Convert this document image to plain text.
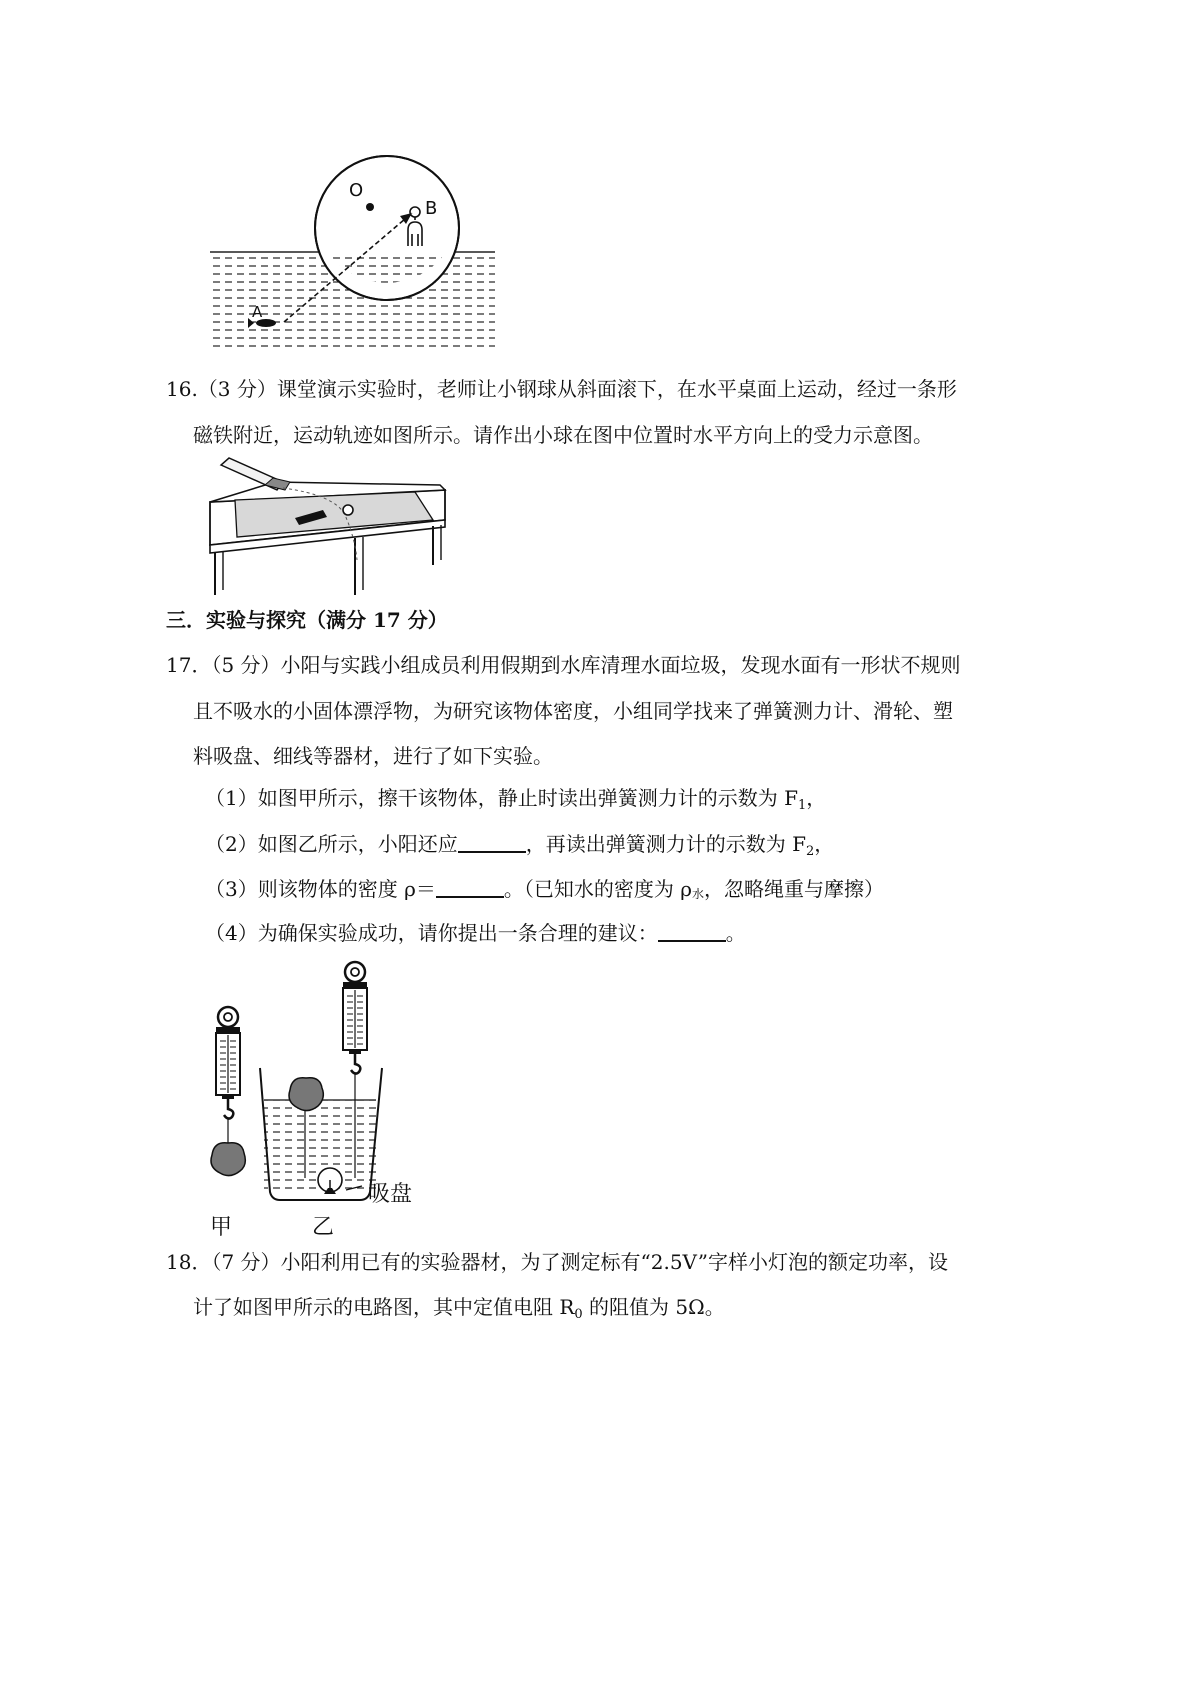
O
B
A
16.（3 分）课堂演示实验时，老师让小钢球从斜面滚下，在水平桌面上运动，经过一条形
磁铁附近，运动轨迹如图所示。请作出小球在图中位置时水平方向上的受力示意图。
三．实验与探究（满分 17 分）
17．（5 分）小阳与实践小组成员利用假期到水库清理水面垃圾，发现水面有一形状不规则
且不吸水的小固体漂浮物，为研究该物体密度，小组同学找来了弹簧测力计、滑轮、塑
料吸盘、细线等器材，进行了如下实验。
（1）如图甲所示，擦干该物体，静止时读出弹簧测力计的示数为 $F_1$，
（2）如图乙所示，小阳还应	，再读出弹簧测力计的示数为 $F_2$，
（3）则该物体的密度 ρ＝	。（已知水的密度为 ρ水，忽略绳重与摩擦）
（4）为确保实验成功，请你提出一条合理的建议：	。
吸盘
甲	乙
18．（7 分）小阳利用已有的实验器材，为了测定标有“2.5V”字样小灯泡的额定功率，设
计了如图甲所示的电路图，其中定值电阻 $R_0$ 的阻值为 5Ω。
